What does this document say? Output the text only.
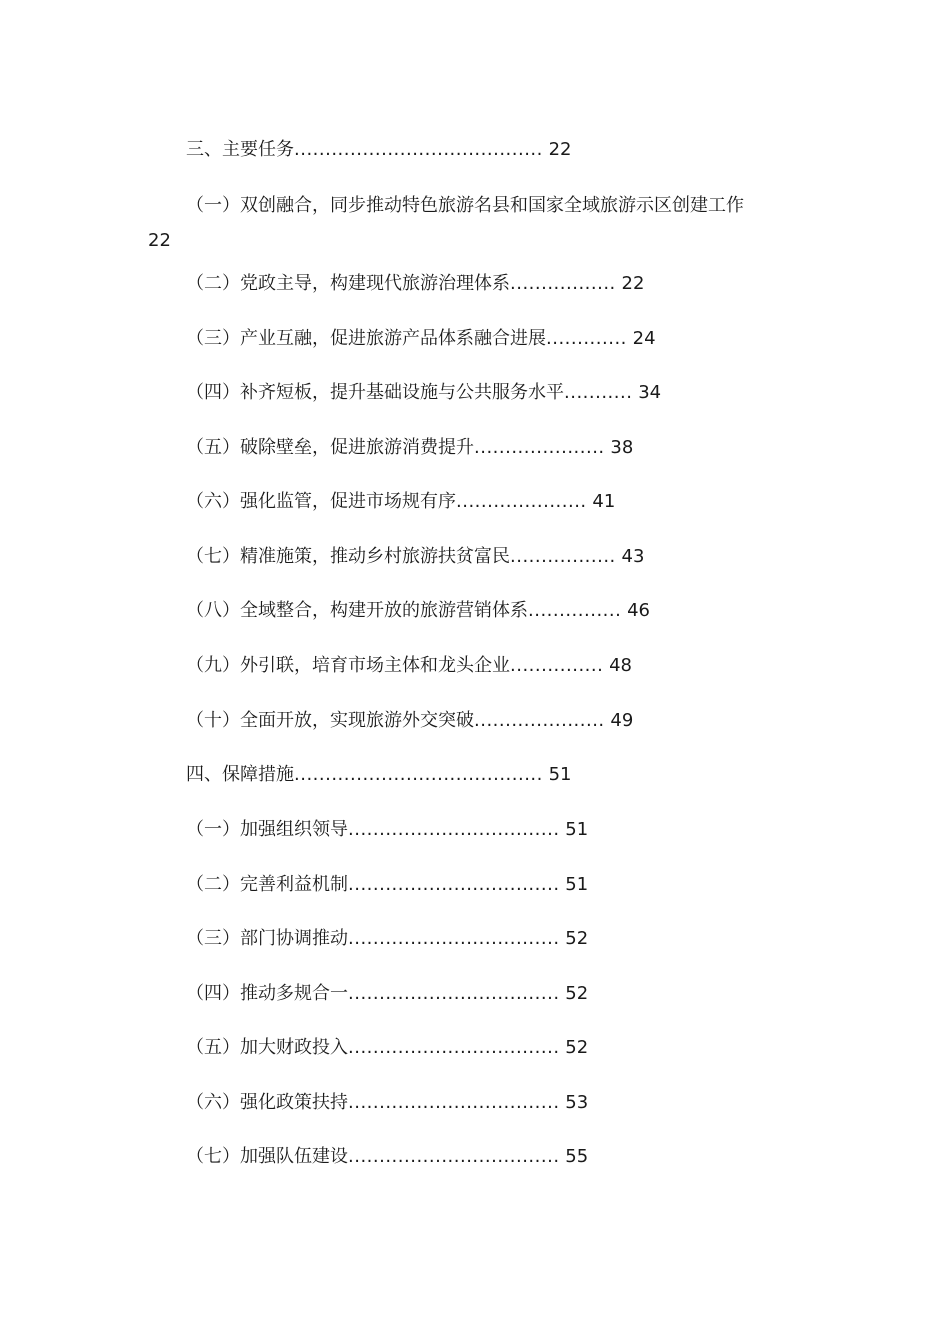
三、主要任务........................................ 22
（一）双创融合，同步推动特色旅游名县和国家全域旅游示区创建工作
22
（二）党政主导，构建现代旅游治理体系................. 22
（三）产业互融，促进旅游产品体系融合进展............. 24
（四）补齐短板，提升基础设施与公共服务水平........... 34
（五）破除壁垒，促进旅游消费提升..................... 38
（六）强化监管，促进市场规有序..................... 41
（七）精准施策，推动乡村旅游扶贫富民................. 43
（八）全域整合，构建开放的旅游营销体系............... 46
（九）外引联，培育市场主体和龙头企业............... 48
（十）全面开放，实现旅游外交突破..................... 49
四、保障措施........................................ 51
（一）加强组织领导.................................. 51
（二）完善利益机制.................................. 51
（三）部门协调推动.................................. 52
（四）推动多规合一.................................. 52
（五）加大财政投入.................................. 52
（六）强化政策扶持.................................. 53
（七）加强队伍建设.................................. 55
